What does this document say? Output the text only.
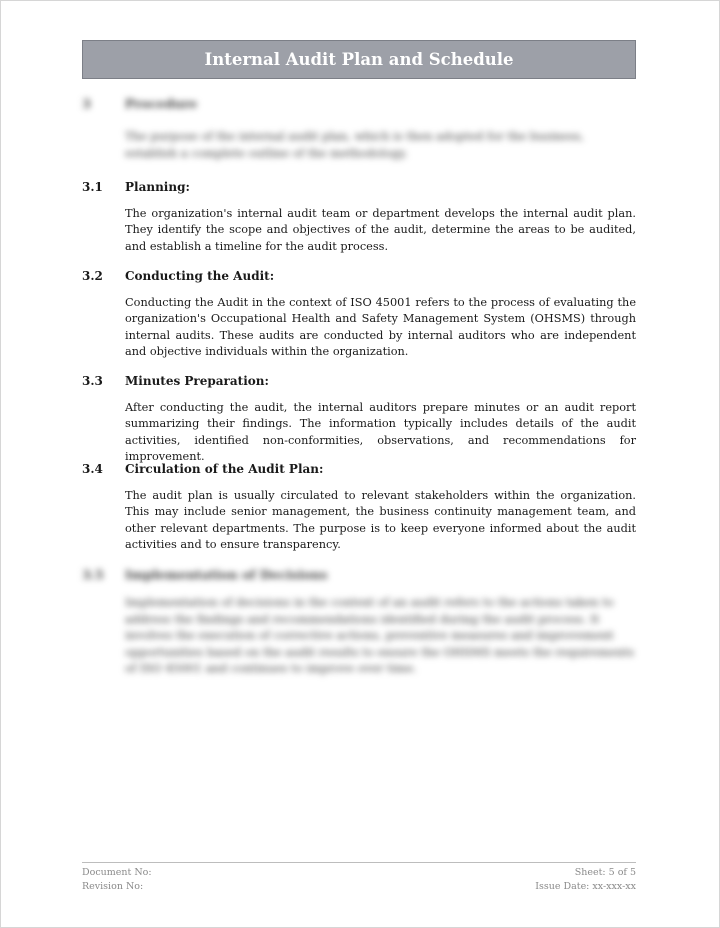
Internal Audit Plan and Schedule
3	Procedure
The purpose of the internal audit plan, which is then adopted for the business, establish a complete outline of the methodology.
3.1 Planning:
The organization's internal audit team or department develops the internal audit plan. They identify the scope and objectives of the audit, determine the areas to be audited, and establish a timeline for the audit process.
3.2 Conducting the Audit:
Conducting the Audit in the context of ISO 45001 refers to the process of evaluating the organization's Occupational Health and Safety Management System (OHSMS) through internal audits. These audits are conducted by internal auditors who are independent and objective individuals within the organization.
3.3 Minutes Preparation:
After conducting the audit, the internal auditors prepare minutes or an audit report summarizing their findings. The information typically includes details of the audit activities, identified non-conformities, observations, and recommendations for improvement.
3.4 Circulation of the Audit Plan:
The audit plan is usually circulated to relevant stakeholders within the organization. This may include senior management, the business continuity management team, and other relevant departments. The purpose is to keep everyone informed about the audit activities and to ensure transparency.
3.5 Implementation of Decisions
Implementation of decisions in the context of an audit refers to the actions taken to address the findings and recommendations identified during the audit process. It involves the execution of corrective actions, preventive measures and improvement opportunities based on the audit results to ensure the OHSMS meets the requirements of ISO 45001 and continues to improve over time.
Document No:
Revision No:
Sheet: 5 of 5
Issue Date: xx-xxx-xx
